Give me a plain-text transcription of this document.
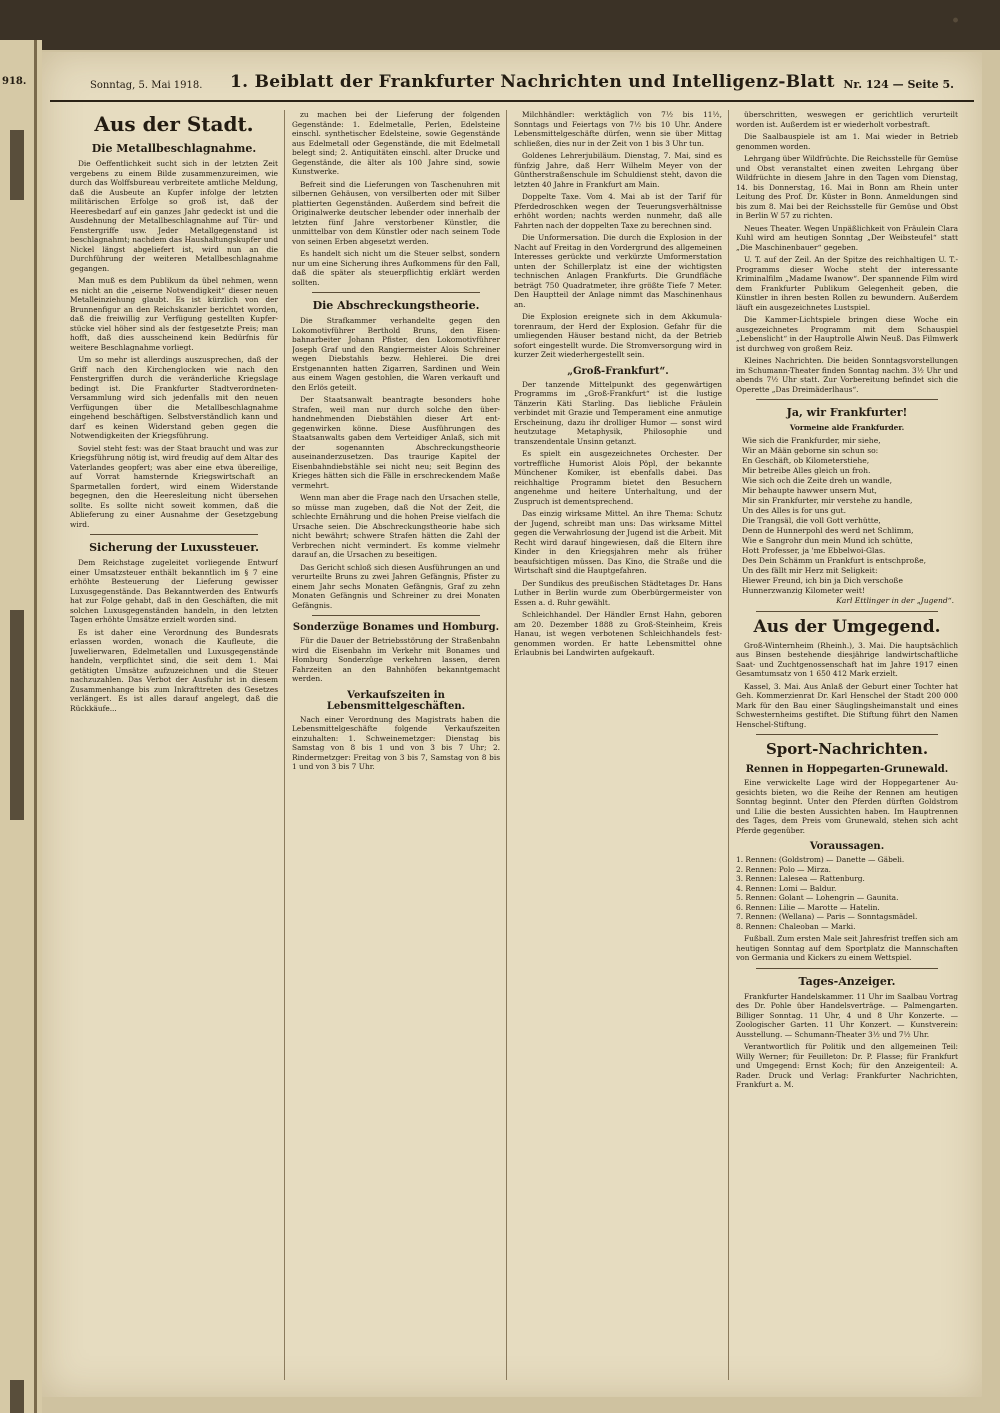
·
918.	Sonntag, 5. Mai 1918. 1. Beiblatt der Frankfurter Nachrichten und Intelligenz-Blatt Nr. 124 — Seite 5.
Aus der Stadt.
Die Metallbeschlagnahme.

Die Oeffentlichkeit sucht sich in der letzten Zeit vergebens zu einem Bilde zusammenzureimen, wie durch das Wolffsbureau verbreitete amtliche Meldung, daß die Ausbeute an Kupfer infolge der letzten militärischen Erfolge so groß ist, daß der Heeresbedarf auf ein ganzes Jahr gedeckt ist und die Ausdehnung der Metallbeschlagnahme auf Tür- und Fenstergriffe usw. Jeder Metallgegenstand ist beschlagnahmt; nachdem das Haushaltungskupfer und Nickel längst abgeliefert ist, wird nun an die Durchführung der weiteren Metallbeschlagnahme gegangen.

Man muß es dem Publikum da übel nehmen, wenn es nicht an die „eiserne Notwendigkeit“ dieser neuen Metalleinziehung glaubt. Es ist kürzlich von der Brunnenfigur an den Reichskanzler berichtet worden, daß die freiwillig zur Verfügung gestellten Kupferstücke viel höher sind als der festgesetzte Preis; man hofft, daß dies ausscheinend kein Bedürfnis für weitere Beschlagnahme vorliegt.

Um so mehr ist allerdings auszusprechen, daß der Griff nach den Kirchenglocken wie nach den Fenstergriffen durch die veränderliche Kriegslage bedingt ist. Die Frankfurter Stadtverordneten-Versammlung wird sich jedenfalls mit den neuen Verfügungen über die Metallbeschlagnahme eingehend beschäftigen. Selbstverständlich kann und darf es keinen Widerstand geben gegen die Notwendigkeiten der Kriegsführung.

Soviel steht fest: was der Staat braucht und was zur Kriegsführung nötig ist, wird freudig auf dem Altar des Vaterlandes geopfert; was aber eine etwa übereilige, auf Vorrat hamsternde Kriegswirtschaft an Sparmetallen fordert, wird einem Widerstande begegnen, den die Heeresleitung nicht übersehen sollte. Es sollte nicht soweit kommen, daß die Ablieferung zu einer Ausnahme der Gesetzgebung wird.

Sicherung der Luxussteuer.

Dem Reichstage zugeleitet vorliegende Entwurf einer Umsatzsteuer enthält bekanntlich im § 7 eine erhöhte Besteuerung der Lieferung gewisser Luxusgegenstände. Das Bekanntwerden des Entwurfs hat zur Folge gehabt, daß in den Geschäften, die mit solchen Luxusgegenständen handeln, in den letzten Tagen erhöhte Umsätze erzielt worden sind.

Es ist daher eine Verordnung des Bundesrats erlassen worden, wonach die Kaufleute, die Juwelierwaren, Edelmetallen und Luxusgegenstände handeln, verpflichtet sind, die seit dem 1. Mai getätigten Umsätze aufzuzeichnen und die Steuer nachzuzahlen. Das Verbot der Ausfuhr ist in diesem Zusammenhange bis zum Inkrafttreten des Gesetzes verlängert. Es ist alles darauf angelegt, daß die Rückkäufe...

zu machen bei der Lieferung der folgenden Gegenstände: 1. Edelmetalle, Perlen, Edelsteine einschl. synthetischer Edelsteine, sowie Gegenstände aus Edelmetall oder Gegenstände, die mit Edelmetall belegt sind; 2. Antiquitäten einschl. alter Drucke und Gegenstände, die älter als 100 Jahre sind, sowie Kunstwerke.

Befreit sind die Lieferungen von Taschenuhren mit silbernen Gehäusen, von versilberten oder mit Silber plattierten Gegenständen. Außerdem sind befreit die Originalwerke deutscher lebender oder innerhalb der letzten fünf Jahre verstorbener Künstler, die unmittelbar von dem Künstler oder nach seinem Tode von seinen Erben abgesetzt werden.

Es handelt sich nicht um die Steuer selbst, sondern nur um eine Sicherung ihres Aufkommens für den Fall, daß die später als steuerpflichtig erklärt werden sollten.

Die Abschreckungstheorie.

Die Strafkammer verhandelte gegen den Lokomotivführer Berthold Bruns, den Eisenbahnarbeiter Johann Pfister, den Lokomotivführer Joseph Graf und den Rangiermeister Alois Schreiner wegen Diebstahls bezw. Hehlerei. Die drei Erstgenannten hatten Zigarren, Sardinen und Wein aus einem Wagen gestohlen, die Waren verkauft und den Erlös geteilt.

Der Staatsanwalt beantragte besonders hohe Strafen, weil man nur durch solche den überhandnehmenden Diebstählen dieser Art entgegenwirken könne. Diese Ausführungen des Staatsanwalts gaben dem Verteidiger Anlaß, sich mit der sogenannten Abschreckungstheorie auseinanderzusetzen. Das traurige Kapitel der Eisenbahndiebstähle sei nicht neu; seit Beginn des Krieges hätten sich die Fälle in erschreckendem Maße vermehrt.

Wenn man aber die Frage nach den Ursachen stelle, so müsse man zugeben, daß die Not der Zeit, die schlechte Ernährung und die hohen Preise vielfach die Ursache seien. Die Abschreckungstheorie habe sich nicht bewährt; schwere Strafen hätten die Zahl der Verbrechen nicht vermindert. Es komme vielmehr darauf an, die Ursachen zu beseitigen.

Das Gericht schloß sich diesen Ausführungen an und verurteilte Bruns zu zwei Jahren Gefängnis, Pfister zu einem Jahr sechs Monaten Gefängnis, Graf zu zehn Monaten Gefängnis und Schreiner zu drei Monaten Gefängnis.

Sonderzüge Bonames und Homburg.

Für die Dauer der Betriebsstörung der Straßenbahn wird die Eisenbahn im Verkehr mit Bonames und Homburg Sonderzüge verkehren lassen, deren Fahrzeiten an den Bahnhöfen bekanntgemacht werden.

Verkaufszeiten in Lebensmittelgeschäften.

Nach einer Verordnung des Magistrats haben die Lebensmittelgeschäfte folgende Verkaufszeiten einzuhalten: 1. Schweinemetzger: Dienstag bis Samstag von 8 bis 1 und von 3 bis 7 Uhr; 2. Rindermetzger: Freitag von 3 bis 7, Samstag von 8 bis 1 und von 3 bis 7 Uhr.

Milchhändler: werktäglich von 7½ bis 11½, Sonntags und Feiertags von 7½ bis 10 Uhr. Andere Lebensmittelgeschäfte dürfen, wenn sie über Mittag schließen, dies nur in der Zeit von 1 bis 3 Uhr tun.

Goldenes Lehrerjubiläum. Dienstag, 7. Mai, sind es fünfzig Jahre, daß Herr Wilhelm Meyer von der Güntherstraßenschule im Schuldienst steht, davon die letzten 40 Jahre in Frankfurt am Main.

Doppelte Taxe. Vom 4. Mai ab ist der Tarif für Pferdedroschken wegen der Teuerungsverhältnisse erhöht worden; nachts werden nunmehr, daß alle Fahrten nach der doppelten Taxe zu berechnen sind.

Die Unformersation. Die durch die Explosion in der Nacht auf Freitag in den Vordergrund des allgemeinen Interesses gerückte und verkürzte Umformerstation unten der Schillerplatz ist eine der wichtigsten technischen Anlagen Frankfurts. Die Grundfläche beträgt 750 Quadratmeter, ihre größte Tiefe 7 Meter. Den Hauptteil der Anlage nimmt das Maschinenhaus an.

Die Explosion ereignete sich in dem Akkumulatorenraum, der Herd der Explosion. Gefahr für die umliegenden Häuser bestand nicht, da der Betrieb sofort eingestellt wurde. Die Stromversorgung wird in kurzer Zeit wiederhergestellt sein.

„Groß-Frankfurt“.

Der tanzende Mittelpunkt des gegenwärtigen Programms im „Groß-Frankfurt“ ist die lustige Tänzerin Käti Starling. Das liebliche Fräulein verbindet mit Grazie und Temperament eine anmutige Erscheinung, dazu ihr drolliger Humor — sonst wird heutzutage Metaphysik, Philosophie und transzendentale Unsinn getanzt.

Es spielt ein ausgezeichnetes Orchester. Der vortreffliche Humorist Alois Pöpl, der bekannte Münchener Komiker, ist ebenfalls dabei. Das reichhaltige Programm bietet den Besuchern angenehme und heitere Unterhaltung, und der Zuspruch ist dementsprechend.

Das einzig wirksame Mittel. An ihre Thema: Schutz der Jugend, schreibt man uns: Das wirksame Mittel gegen die Verwahrlosung der Jugend ist die Arbeit. Mit Recht wird darauf hingewiesen, daß die Eltern ihre Kinder in den Kriegsjahren mehr als früher beaufsichtigen müssen. Das Kino, die Straße und die Wirtschaft sind die Hauptgefahren.

Der Sundikus des preußischen Städtetages Dr. Hans Luther in Berlin wurde zum Oberbürgermeister von Essen a. d. Ruhr gewählt.

Schleichhandel. Der Händler Ernst Hahn, geboren am 20. Dezember 1888 zu Groß-Steinheim, Kreis Hanau, ist wegen verbotenen Schleichhandels festgenommen worden. Er hatte Lebensmittel ohne Erlaubnis bei Landwirten aufgekauft.

überschritten, weswegen er gerichtlich verurteilt worden ist. Außerdem ist er wiederholt vorbestraft.

Die Saalbauspiele ist am 1. Mai wieder in Betrieb genommen worden.

Lehrgang über Wildfrüchte. Die Reichsstelle für Gemüse und Obst veranstaltet einen zweiten Lehrgang über Wildfrüchte in diesem Jahre in den Tagen vom Dienstag, 14. bis Donnerstag, 16. Mai in Bonn am Rhein unter Leitung des Prof. Dr. Küster in Bonn. Anmeldungen sind bis zum 8. Mai bei der Reichsstelle für Gemüse und Obst in Berlin W 57 zu richten.

Neues Theater. Wegen Unpäßlichkeit von Fräulein Clara Kuhl wird am heutigen Sonntag „Der Weibsteufel“ statt „Die Maschinenbauer“ gegeben.

U. T. auf der Zeil. An der Spitze des reichhaltigen U. T.-Programms dieser Woche steht der interessante Kriminalfilm „Madame Iwanow“. Der spannende Film wird dem Frankfurter Publikum Gelegenheit geben, die Künstler in ihren besten Rollen zu bewundern. Außerdem läuft ein ausgezeichnetes Lustspiel.

Die Kammer-Lichtspiele bringen diese Woche ein ausgezeichnetes Programm mit dem Schauspiel „Lebenslicht“ in der Hauptrolle Alwin Neuß. Das Filmwerk ist durchweg von großem Reiz.

Kleines Nachrichten. Die beiden Sonntagsvorstellungen im Schumann-Theater finden Sonntag nachm. 3½ Uhr und abends 7½ Uhr statt. Zur Vorbereitung befindet sich die Operette „Das Dreimäderlhaus“.

Ja, wir Frankfurter!
Vormeine alde Frankfurder.
Wie sich die Frankfurder, mir siehe,
Wir an Mään geborne sin schun so:
En Geschäft, ob Kilometerstiehe,
Mir betreibe Alles gleich un froh.
Wie sich och die Zeite dreh un wandle,
Mir behaupte hawwer unsern Mut,
Mir sin Frankfurter, mir verstehe zu handle,
Un des Alles is for uns gut.
Die Trangsäl, die voll Gott verhütte,
Denn de Hunnerpohl des werd net Schlimm,
Wie e Sangrohr dun mein Mund ich schütte,
Hott Professer, ja 'me Ebbelwoi-Glas.
Des Dein Schämm un Frankfurt is entschproße,
Un des fällt mir Herz mit Seligkeit:
Hiewer Freund, ich bin ja Dich verschoße
Hunnerzwanzig Kilometer weit!
Karl Ettlinger in der „Jugend“.
Aus der Umgegend.

Groß-Winternheim (Rheinh.), 3. Mai. Die hauptsächlich aus Binsen bestehende diesjährige landwirtschaftliche Saat- und Zuchtgenossenschaft hat im Jahre 1917 einen Gesamtumsatz von 1 650 412 Mark erzielt.

Kassel, 3. Mai. Aus Anlaß der Geburt einer Tochter hat Geh. Kommerzienrat Dr. Karl Henschel der Stadt 200 000 Mark für den Bau einer Säuglingsheimanstalt und eines Schwesternheims gestiftet. Die Stiftung führt den Namen Henschel-Stiftung.

Sport-Nachrichten.
Rennen in Hoppegarten-Grunewald.

Eine verwickelte Lage wird der Hoppegartener Augesichts bieten, wo die Reihe der Rennen am heutigen Sonntag beginnt. Unter den Pferden dürften Goldstrom und Lilie die besten Aussichten haben. Im Hauptrennen des Tages, dem Preis vom Grunewald, stehen sich acht Pferde gegenüber.

Voraussagen.
1. Rennen: (Goldstrom) — Danette — Gäbeli.
2. Rennen: Polo — Mirza.
3. Rennen: Lalesea — Rattenburg.
4. Rennen: Lomi — Baldur.
5. Rennen: Golant — Lohengrin — Gaunita.
6. Rennen: Lilie — Marotte — Hatelin.
7. Rennen: (Wellana) — Paris — Sonntagsmädel.
8. Rennen: Chaleoban — Marki.

Fußball. Zum ersten Male seit Jahresfrist treffen sich am heutigen Sonntag auf dem Sportplatz die Mannschaften von Germania und Kickers zu einem Wettspiel.

Tages-Anzeiger.

Frankfurter Handelskammer. 11 Uhr im Saalbau Vortrag des Dr. Pohle über Handelsverträge. — Palmengarten. Billiger Sonntag. 11 Uhr, 4 und 8 Uhr Konzerte. — Zoologischer Garten. 11 Uhr Konzert. — Kunstverein: Ausstellung. — Schumann-Theater 3½ und 7½ Uhr.

Verantwortlich für Politik und den allgemeinen Teil: Willy Werner; für Feuilleton: Dr. P. Flasse; für Frankfurt und Umgegend: Ernst Koch; für den Anzeigenteil: A. Rader. Druck und Verlag: Frankfurter Nachrichten, Frankfurt a. M.
